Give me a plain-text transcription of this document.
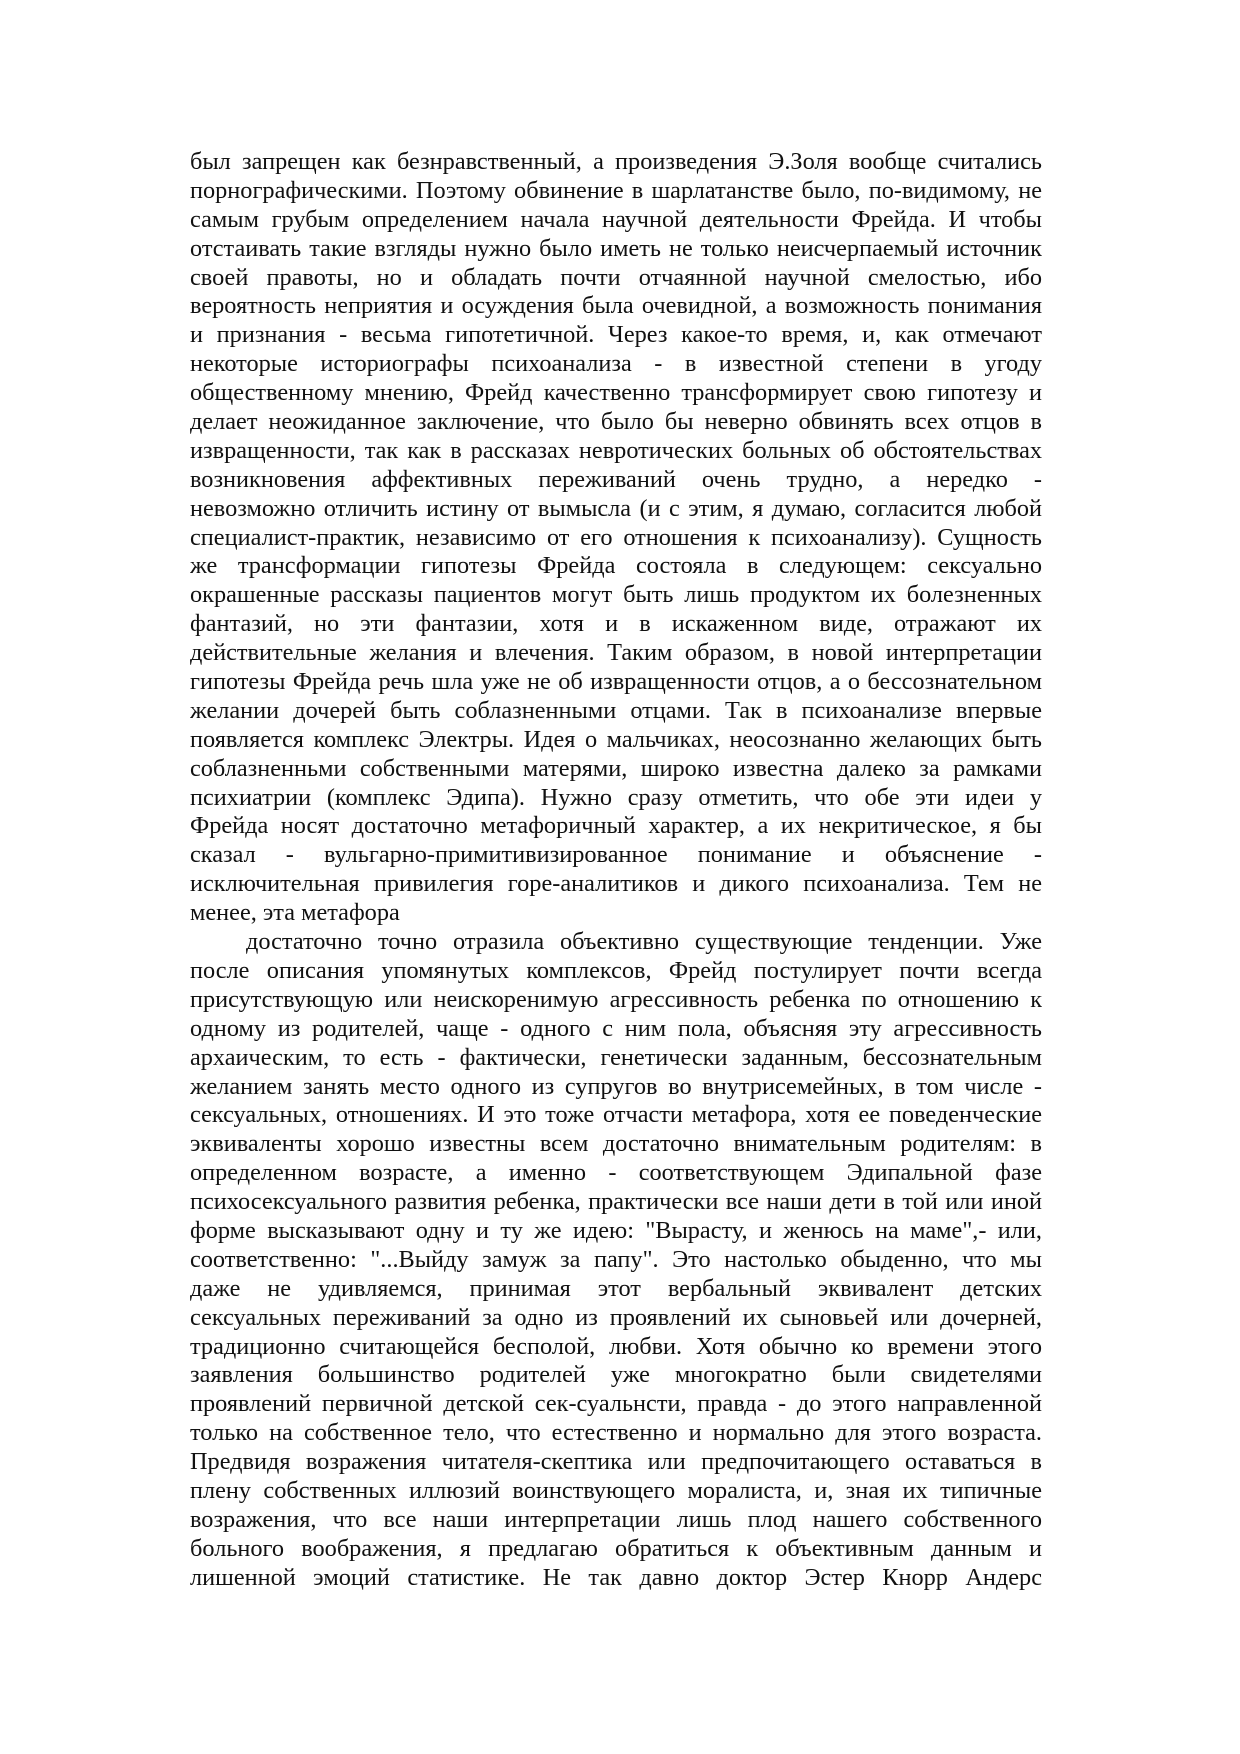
был запрещен как безнравственный, а произведения Э.Золя вообще считались
порнографическими. Поэтому обвинение в шарлатанстве было, по-видимому, не
самым грубым определением начала научной деятельности Фрейда. И чтобы
отстаивать такие взгляды нужно было иметь не только неисчерпаемый источник
своей правоты, но и обладать почти отчаянной научной смелостью, ибо
вероятность неприятия и осуждения была очевидной, а возможность понимания
и признания - весьма гипотетичной. Через какое-то время, и, как отмечают
некоторые историографы психоанализа - в известной степени в угоду
общественному мнению, Фрейд качественно трансформирует свою гипотезу и
делает неожиданное заключение, что было бы неверно обвинять всех отцов в
извращенности, так как в рассказах невротических больных об обстоятельствах
возникновения аффективных переживаний очень трудно, а нередко -
невозможно отличить истину от вымысла (и с этим, я думаю, согласится любой
специалист-практик, независимо от его отношения к психоанализу). Сущность
же трансформации гипотезы Фрейда состояла в следующем: сексуально
окрашенные рассказы пациентов могут быть лишь продуктом их болезненных
фантазий, но эти фантазии, хотя и в искаженном виде, отражают их
действительные желания и влечения. Таким образом, в новой интерпретации
гипотезы Фрейда речь шла уже не об извращенности отцов, а о бессознательном
желании дочерей быть соблазненными отцами. Так в психоанализе впервые
появляется комплекс Электры. Идея о мальчиках, неосознанно желающих быть
соблазненньми собственными матерями, широко известна далеко за рамками
психиатрии (комплекс Эдипа). Нужно сразу отметить, что обе эти идеи у
Фрейда носят достаточно метафоричный характер, а их некритическое, я бы
сказал - вульгарно-примитивизированное понимание и объяснение -
исключительная привилегия горе-аналитиков и дикого психоанализа. Тем не
менее, эта метафора
достаточно точно отразила объективно существующие тенденции. Уже
после описания упомянутых комплексов, Фрейд постулирует почти всегда
присутствующую или неискоренимую агрессивность ребенка по отношению к
одному из родителей, чаще - одного с ним пола, объясняя эту агрессивность
архаическим, то есть - фактически, генетически заданным, бессознательным
желанием занять место одного из супругов во внутрисемейных, в том числе -
сексуальных, отношениях. И это тоже отчасти метафора, хотя ее поведенческие
эквиваленты хорошо известны всем достаточно внимательным родителям: в
определенном возрасте, а именно - соответствующем Эдипальной фазе
психосексуального развития ребенка, практически все наши дети в той или иной
форме высказывают одну и ту же идею: "Вырасту, и женюсь на маме",- или,
соответственно: "...Выйду замуж за папу". Это настолько обыденно, что мы
даже не удивляемся, принимая этот вербальный эквивалент детских
сексуальных переживаний за одно из проявлений их сыновьей или дочерней,
традиционно считающейся бесполой, любви. Хотя обычно ко времени этого
заявления большинство родителей уже многократно были свидетелями
проявлений первичной детской сек-суальнсти, правда - до этого направленной
только на собственное тело, что естественно и нормально для этого возраста.
Предвидя возражения читателя-скептика или предпочитающего оставаться в
плену собственных иллюзий воинствующего моралиста, и, зная их типичные
возражения, что все наши интерпретации лишь плод нашего собственного
больного воображения, я предлагаю обратиться к объективным данным и
лишенной эмоций статистике. Не так давно доктор Эстер Кнорр Андерс
